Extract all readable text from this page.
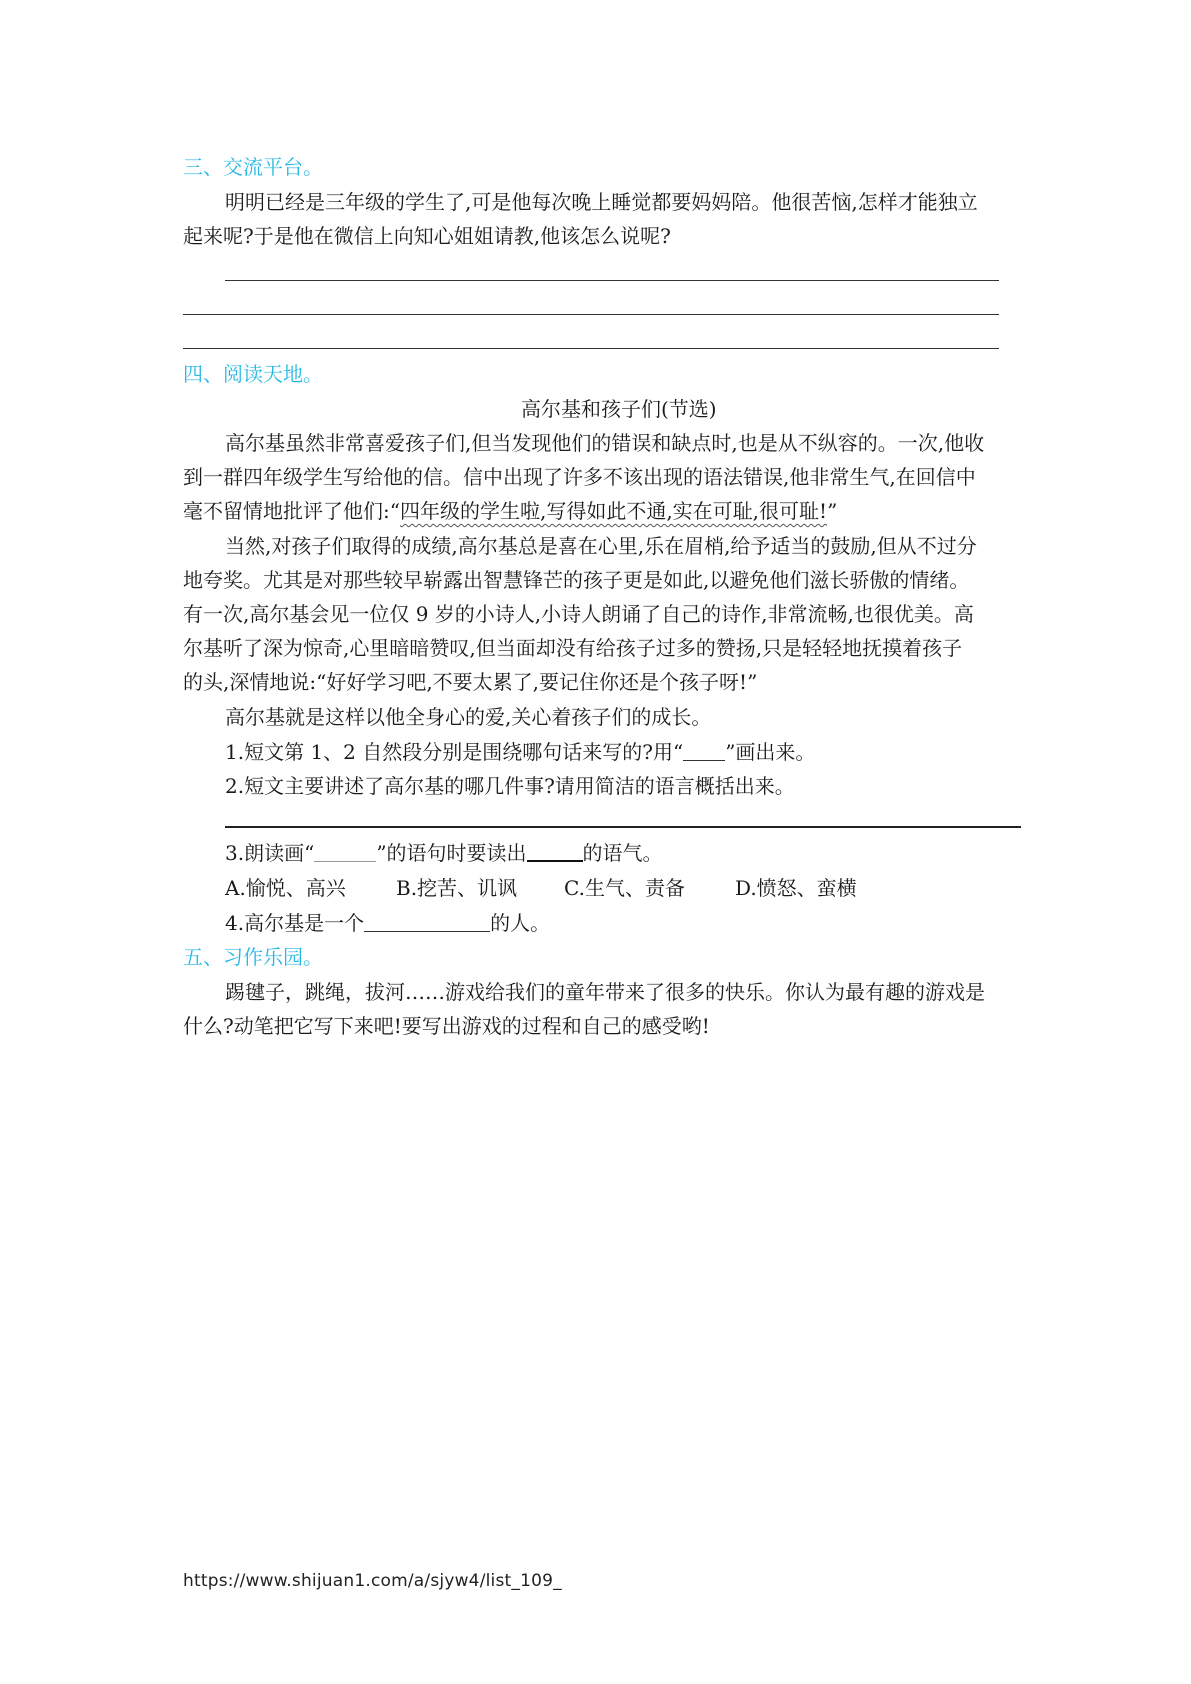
三、交流平台。
明明已经是三年级的学生了,可是他每次晚上睡觉都要妈妈陪。他很苦恼,怎样才能独立
起来呢?于是他在微信上向知心姐姐请教,他该怎么说呢?
四、阅读天地。
高尔基和孩子们(节选)
高尔基虽然非常喜爱孩子们,但当发现他们的错误和缺点时,也是从不纵容的。一次,他收
到一群四年级学生写给他的信。信中出现了许多不该出现的语法错误,他非常生气,在回信中
毫不留情地批评了他们:“四年级的学生啦,写得如此不通,实在可耻,很可耻!”
当然,对孩子们取得的成绩,高尔基总是喜在心里,乐在眉梢,给予适当的鼓励,但从不过分
地夸奖。尤其是对那些较早崭露出智慧锋芒的孩子更是如此,以避免他们滋长骄傲的情绪。
有一次,高尔基会见一位仅 9 岁的小诗人,小诗人朗诵了自己的诗作,非常流畅,也很优美。高
尔基听了深为惊奇,心里暗暗赞叹,但当面却没有给孩子过多的赞扬,只是轻轻地抚摸着孩子
的头,深情地说:“好好学习吧,不要太累了,要记住你还是个孩子呀!”
高尔基就是这样以他全身心的爱,关心着孩子们的成长。
1.短文第 1、2 自然段分别是围绕哪句话来写的?用“ ”画出来。
2.短文主要讲述了高尔基的哪几件事?请用简洁的语言概括出来。
3.朗读画“	”的语句时要读出	的语气。
A.愉悦、高兴	B.挖苦、讥讽 C.生气、责备	D.愤怒、蛮横
4.高尔基是一个	的人。
五、习作乐园。
踢毽子，跳绳，拔河……游戏给我们的童年带来了很多的快乐。你认为最有趣的游戏是
什么?动笔把它写下来吧!要写出游戏的过程和自己的感受哟!
https://www.shijuan1.com/a/sjyw4/list_109_
